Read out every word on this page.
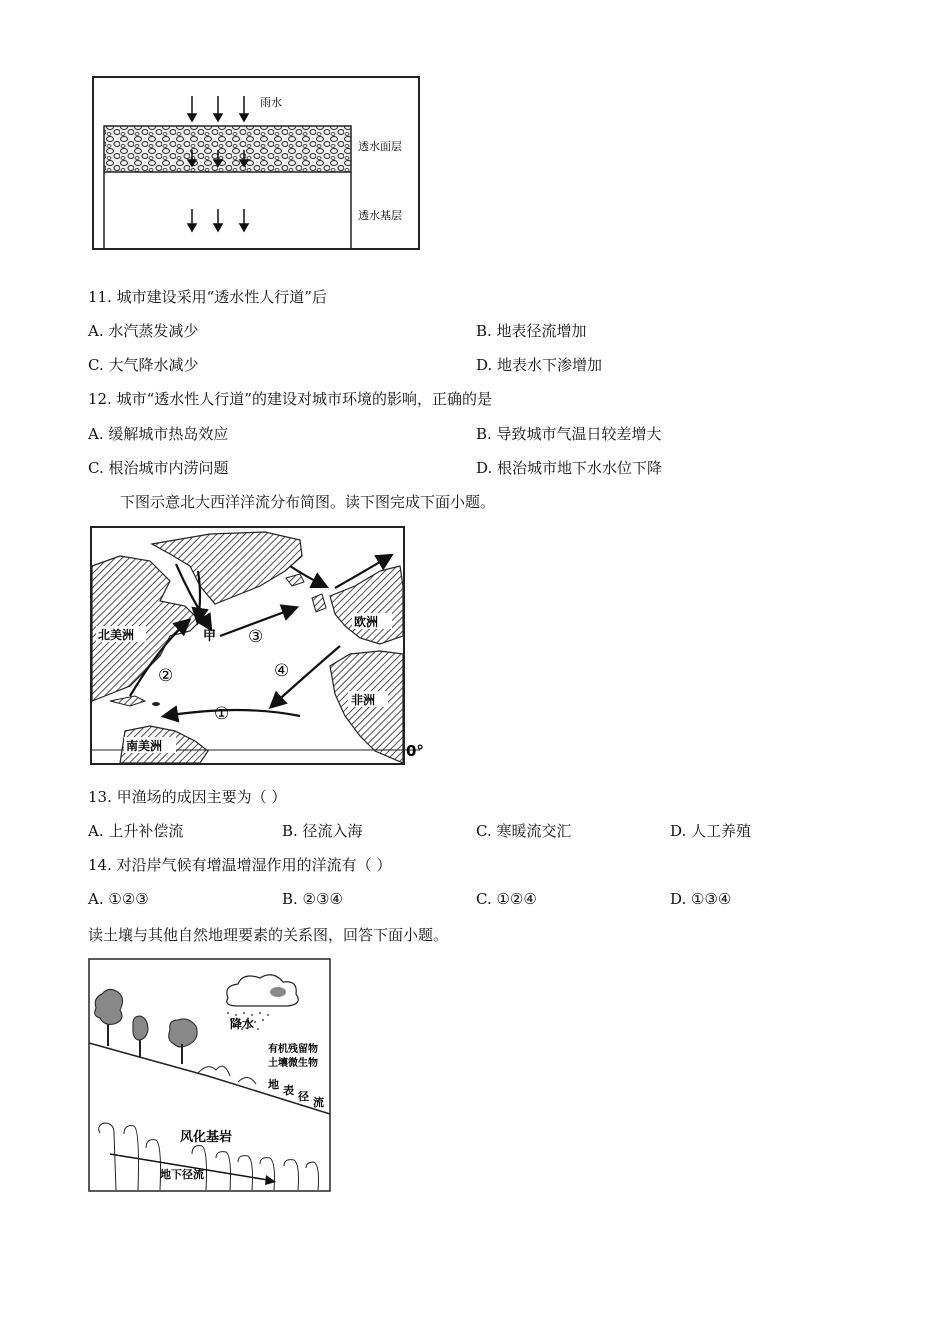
雨水
透水面层
透水基层
11. 城市建设采用“透水性人行道”后
A. 水汽蒸发减少	B. 地表径流增加
C. 大气降水减少	D. 地表水下渗增加
12. 城市“透水性人行道”的建设对城市环境的影响，正确的是
A. 缓解城市热岛效应	B. 导致城市气温日较差增大
C. 根治城市内涝问题	D. 根治城市地下水水位下降
下图示意北大西洋洋流分布简图。读下图完成下面小题。
北美洲
欧洲
非洲
南美洲
甲
①
②
③
④
0°
13. 甲渔场的成因主要为（ ）
A. 上升补偿流	B. 径流入海	C. 寒暖流交汇	D. 人工养殖
14. 对沿岸气候有增温增湿作用的洋流有（ ）
A. ①②③	B. ②③④	C. ①②④	D. ①③④
读土壤与其他自然地理要素的关系图，回答下面小题。
降水
有机残留物
土壤微生物
地 表 径 流
风化基岩
地下径流
